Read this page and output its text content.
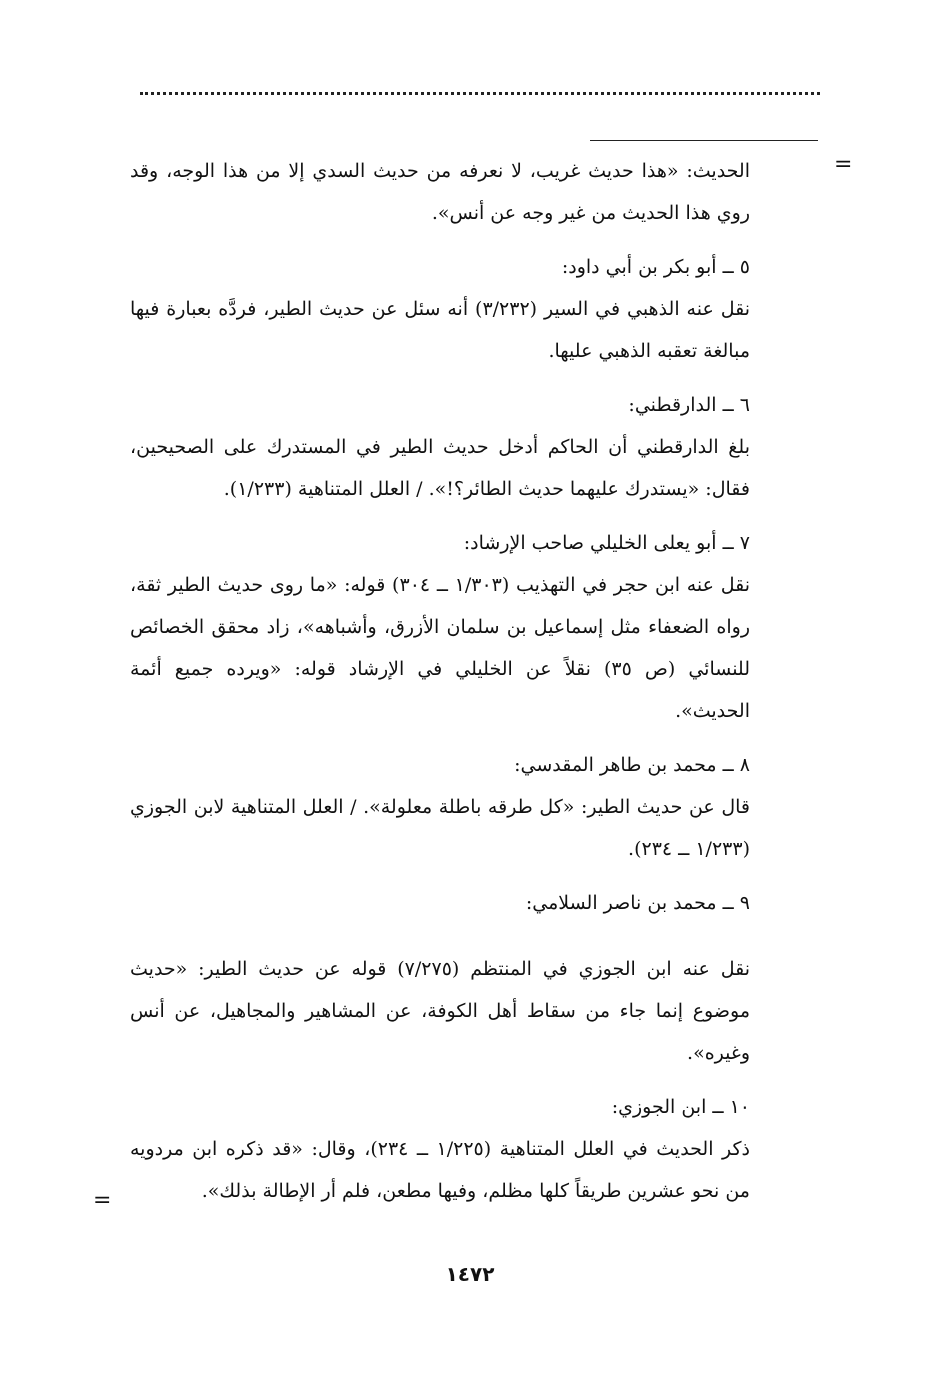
=

الحديث: «هذا حديث غريب، لا نعرفه من حديث السدي إلا من هذا الوجه، وقد روي هذا الحديث من غير وجه عن أنس».

٥ ــ أبو بكر بن أبي داود:

نقل عنه الذهبي في السير (٣/٢٣٢) أنه سئل عن حديث الطير، فردَّه بعبارة فيها مبالغة تعقبه الذهبي عليها.

٦ ــ الدارقطني:

بلغ الدارقطني أن الحاكم أدخل حديث الطير في المستدرك على الصحيحين، فقال: «يستدرك عليهما حديث الطائر؟!». / العلل المتناهية (١/٢٣٣).

٧ ــ أبو يعلى الخليلي صاحب الإرشاد:

نقل عنه ابن حجر في التهذيب (١/٣٠٣ ــ ٣٠٤) قوله: «ما روى حديث الطير ثقة، رواه الضعفاء مثل إسماعيل بن سلمان الأزرق، وأشباهه»، زاد محقق الخصائص للنسائي (ص ٣٥) نقلاً عن الخليلي في الإرشاد قوله: «ويرده جميع أئمة الحديث».

٨ ــ محمد بن طاهر المقدسي:

قال عن حديث الطير: «كل طرقه باطلة معلولة». / العلل المتناهية لابن الجوزي (١/٢٣٣ ــ ٢٣٤).

٩ ــ محمد بن ناصر السلامي:

نقل عنه ابن الجوزي في المنتظم (٧/٢٧٥) قوله عن حديث الطير: «حديث موضوع إنما جاء من سقاط أهل الكوفة، عن المشاهير والمجاهيل، عن أنس وغيره».

١٠ ــ ابن الجوزي:

ذكر الحديث في العلل المتناهية (١/٢٢٥ ــ ٢٣٤)، وقال: «قد ذكره ابن مردويه من نحو عشرين طريقاً كلها مظلم، وفيها مطعن، فلم أر الإطالة بذلك».

=
١٤٧٢
